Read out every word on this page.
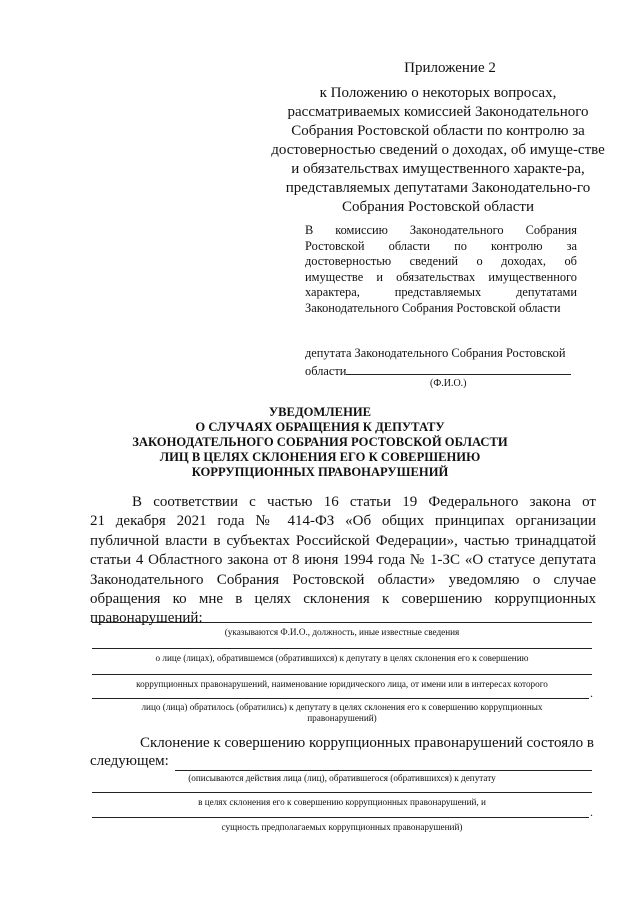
Приложение 2
к Положению о некоторых вопросах, рассматриваемых комиссией Законодательного Собрания Ростовской области по контролю за достоверностью сведений о доходах, об имуще-стве и обязательствах имущественного характе-ра, представляемых депутатами Законодательно-го Собрания Ростовской области
В комиссию Законодательного Собрания
Ростовской области по контролю за
достоверностью сведений о доходах, об
имуществе и обязательствах имущественного
характера, представляемых депутатами
Законодательного Собрания Ростовской области
депутата Законодательного Собрания Ростовской
области
(Ф.И.О.)
УВЕДОМЛЕНИЕ
О СЛУЧАЯХ ОБРАЩЕНИЯ К ДЕПУТАТУ
ЗАКОНОДАТЕЛЬНОГО СОБРАНИЯ РОСТОВСКОЙ ОБЛАСТИ
ЛИЦ В ЦЕЛЯХ СКЛОНЕНИЯ ЕГО К СОВЕРШЕНИЮ
КОРРУПЦИОННЫХ ПРАВОНАРУШЕНИЙ
В соответствии с частью 16 статьи 19 Федерального закона от
21 декабря 2021 года № 414-ФЗ «Об общих принципах организации
публичной власти в субъектах Российской Федерации», частью тринадцатой
статьи 4 Областного закона от 8 июня 1994 года № 1-ЗС «О статусе депутата
Законодательного Собрания Ростовской области» уведомляю о случае
обращения ко мне в целях склонения к совершению коррупционных
правонарушений:
(указываются Ф.И.О., должность, иные известные сведения
о лице (лицах), обратившемся (обратившихся) к депутату в целях склонения его к совершению
коррупционных правонарушений, наименование юридического лица, от имени или в интересах которого
.
лицо (лица) обратилось (обратились) к депутату в целях склонения его к совершению коррупционных
правонарушений)
Склонение к совершению коррупционных правонарушений состояло в
следующем:
(описываются действия лица (лиц), обратившегося (обратившихся) к депутату
в целях склонения его к совершению коррупционных правонарушений, и
.
сущность предполагаемых коррупционных правонарушений)
